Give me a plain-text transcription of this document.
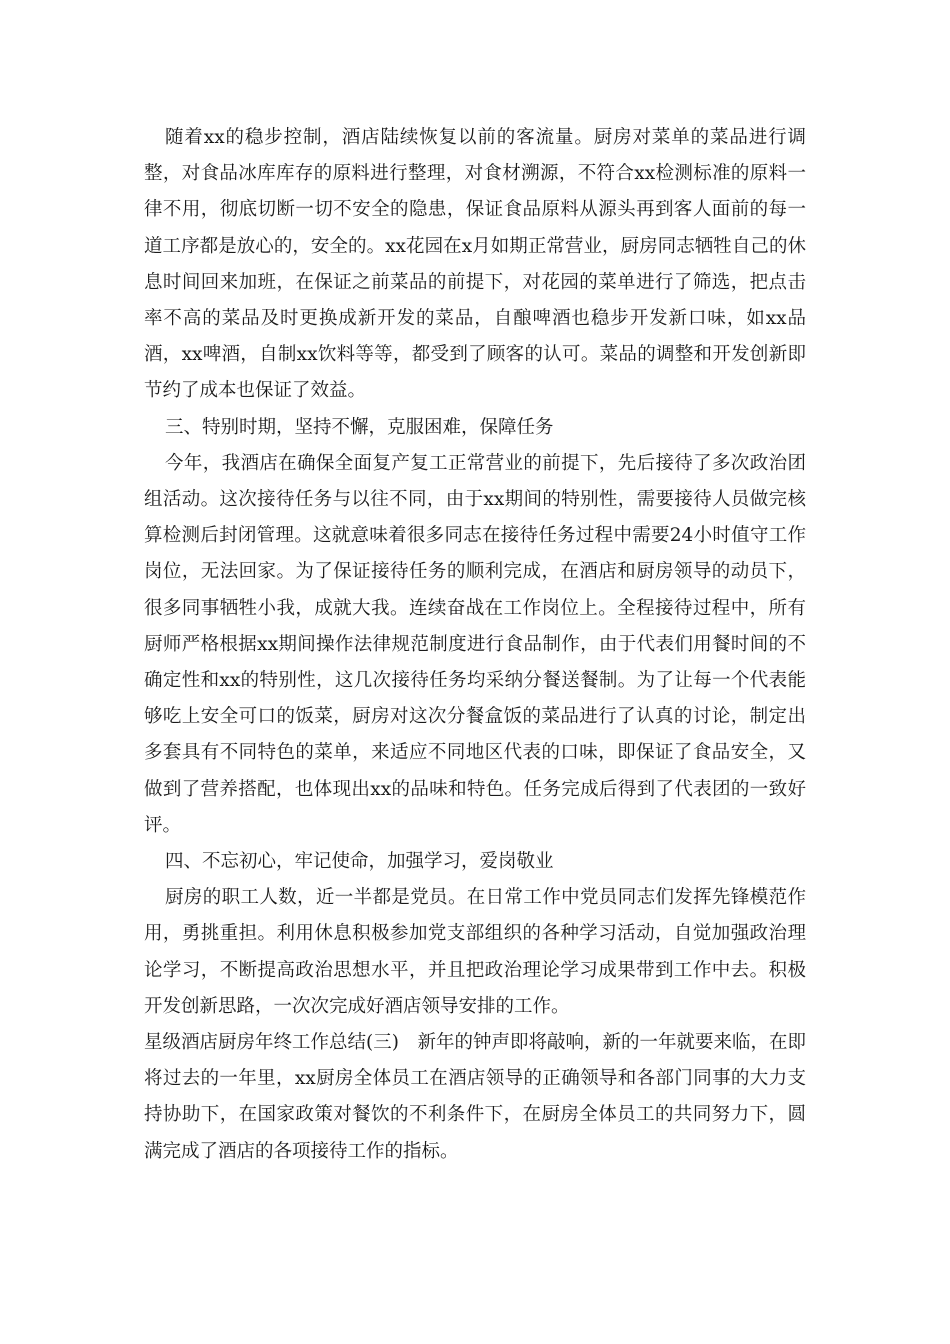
随着xx的稳步控制，酒店陆续恢复以前的客流量。厨房对菜单的菜品进行调整，对食品冰库库存的原料进行整理，对食材溯源，不符合xx检测标准的原料一律不用，彻底切断一切不安全的隐患，保证食品原料从源头再到客人面前的每一道工序都是放心的，安全的。xx花园在x月如期正常营业，厨房同志牺牲自己的休息时间回来加班，在保证之前菜品的前提下，对花园的菜单进行了筛选，把点击率不高的菜品及时更换成新开发的菜品，自酿啤酒也稳步开发新口味，如xx品酒，xx啤酒，自制xx饮料等等，都受到了顾客的认可。菜品的调整和开发创新即节约了成本也保证了效益。

三、特别时期，坚持不懈，克服困难，保障任务

今年，我酒店在确保全面复产复工正常营业的前提下，先后接待了多次政治团组活动。这次接待任务与以往不同，由于xx期间的特别性，需要接待人员做完核算检测后封闭管理。这就意味着很多同志在接待任务过程中需要24小时值守工作岗位，无法回家。为了保证接待任务的顺利完成，在酒店和厨房领导的动员下，很多同事牺牲小我，成就大我。连续奋战在工作岗位上。全程接待过程中，所有厨师严格根据xx期间操作法律规范制度进行食品制作，由于代表们用餐时间的不确定性和xx的特别性，这几次接待任务均采纳分餐送餐制。为了让每一个代表能够吃上安全可口的饭菜，厨房对这次分餐盒饭的菜品进行了认真的讨论，制定出多套具有不同特色的菜单，来适应不同地区代表的口味，即保证了食品安全，又做到了营养搭配，也体现出xx的品味和特色。任务完成后得到了代表团的一致好评。

四、不忘初心，牢记使命，加强学习，爱岗敬业

厨房的职工人数，近一半都是党员。在日常工作中党员同志们发挥先锋模范作用，勇挑重担。利用休息积极参加党支部组织的各种学习活动，自觉加强政治理论学习，不断提高政治思想水平，并且把政治理论学习成果带到工作中去。积极开发创新思路，一次次完成好酒店领导安排的工作。

星级酒店厨房年终工作总结(三)　新年的钟声即将敲响，新的一年就要来临，在即将过去的一年里，xx厨房全体员工在酒店领导的正确领导和各部门同事的大力支持协助下，在国家政策对餐饮的不利条件下，在厨房全体员工的共同努力下，圆满完成了酒店的各项接待工作的指标。
